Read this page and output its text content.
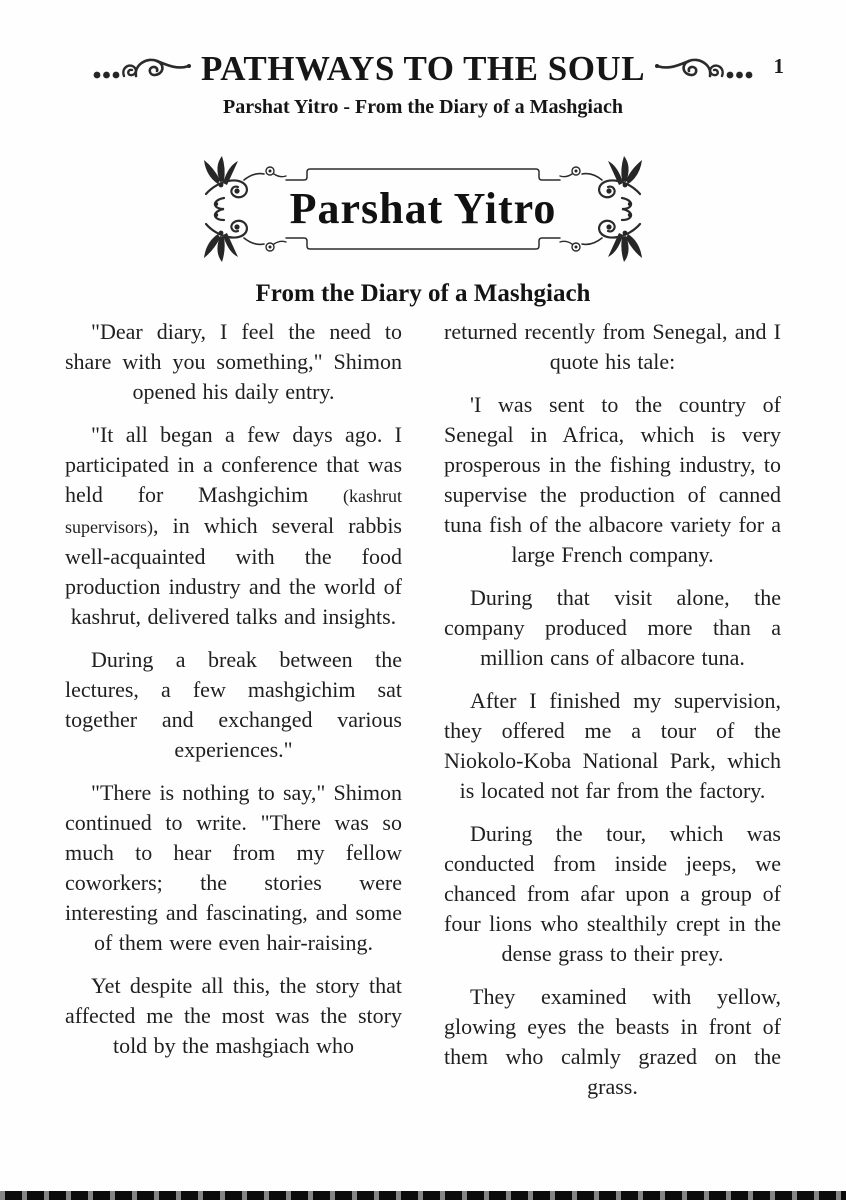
PATHWAYS TO THE SOUL	1
Parshat Yitro - From the Diary of a Mashgiach
Parshat Yitro
From the Diary of a Mashgiach

"Dear diary, I feel the need to share with you something," Shimon opened his daily entry.

"It all began a few days ago. I participated in a conference that was held for Mashgichim (kashrut supervisors), in which several rabbis well-acquainted with the food production industry and the world of kashrut, delivered talks and insights.

During a break between the lectures, a few mashgichim sat together and exchanged various experiences."

"There is nothing to say," Shimon continued to write. "There was so much to hear from my fellow coworkers; the stories were interesting and fascinating, and some of them were even hair-raising.

Yet despite all this, the story that affected me the most was the story told by the mashgiach who

returned recently from Senegal, and I quote his tale:

'I was sent to the country of Senegal in Africa, which is very prosperous in the fishing industry, to supervise the production of canned tuna fish of the albacore variety for a large French company.

During that visit alone, the company produced more than a million cans of albacore tuna.

After I finished my supervision, they offered me a tour of the Niokolo-Koba National Park, which is located not far from the factory.

During the tour, which was conducted from inside jeeps, we chanced from afar upon a group of four lions who stealthily crept in the dense grass to their prey.

They examined with yellow, glowing eyes the beasts in front of them who calmly grazed on the grass.
